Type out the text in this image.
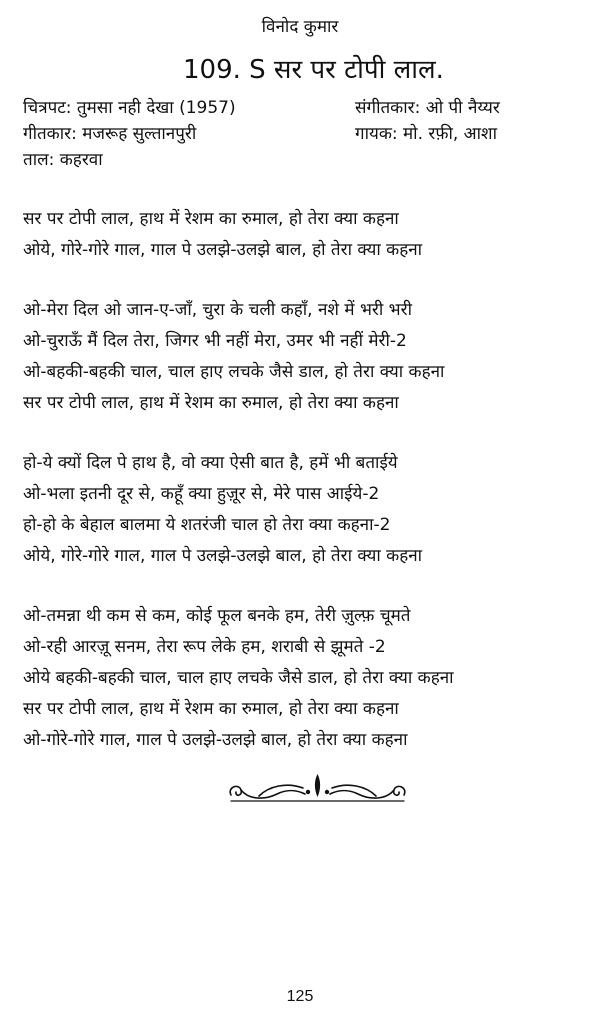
विनोद कुमार
109. S सर पर टोपी लाल.
चित्रपट: तुमसा नही देखा (1957)	संगीतकार: ओ पी नैय्यर
गीतकार: मजरूह सुल्तानपुरी	गायक: मो. रफ़ी, आशा
ताल: कहरवा
सर पर टोपी लाल, हाथ में रेशम का रुमाल, हो तेरा क्या कहना
ओये, गोरे-गोरे गाल, गाल पे उलझे-उलझे बाल, हो तेरा क्या कहना
ओ-मेरा दिल ओ जान-ए-जाँ, चुरा के चली कहाँ, नशे में भरी भरी
ओ-चुराऊँ मैं दिल तेरा, जिगर भी नहीं मेरा, उमर भी नहीं मेरी-2
ओ-बहकी-बहकी चाल, चाल हाए लचके जैसे डाल, हो तेरा क्या कहना
सर पर टोपी लाल, हाथ में रेशम का रुमाल, हो तेरा क्या कहना
हो-ये क्यों दिल पे हाथ है, वो क्या ऐसी बात है, हमें भी बताईये
ओ-भला इतनी दूर से, कहूँ क्या हुज़ूर से, मेरे पास आईये-2
हो-हो के बेहाल बालमा ये शतरंजी चाल हो तेरा क्या कहना-2
ओये, गोरे-गोरे गाल, गाल पे उलझे-उलझे बाल, हो तेरा क्या कहना
ओ-तमन्ना थी कम से कम, कोई फूल बनके हम, तेरी ज़ुल्फ़ चूमते
ओ-रही आरज़ू सनम, तेरा रूप लेके हम, शराबी से झूमते -2
ओये बहकी-बहकी चाल, चाल हाए लचके जैसे डाल, हो तेरा क्या कहना
सर पर टोपी लाल, हाथ में रेशम का रुमाल, हो तेरा क्या कहना
ओ-गोरे-गोरे गाल, गाल पे उलझे-उलझे बाल, हो तेरा क्या कहना
125
